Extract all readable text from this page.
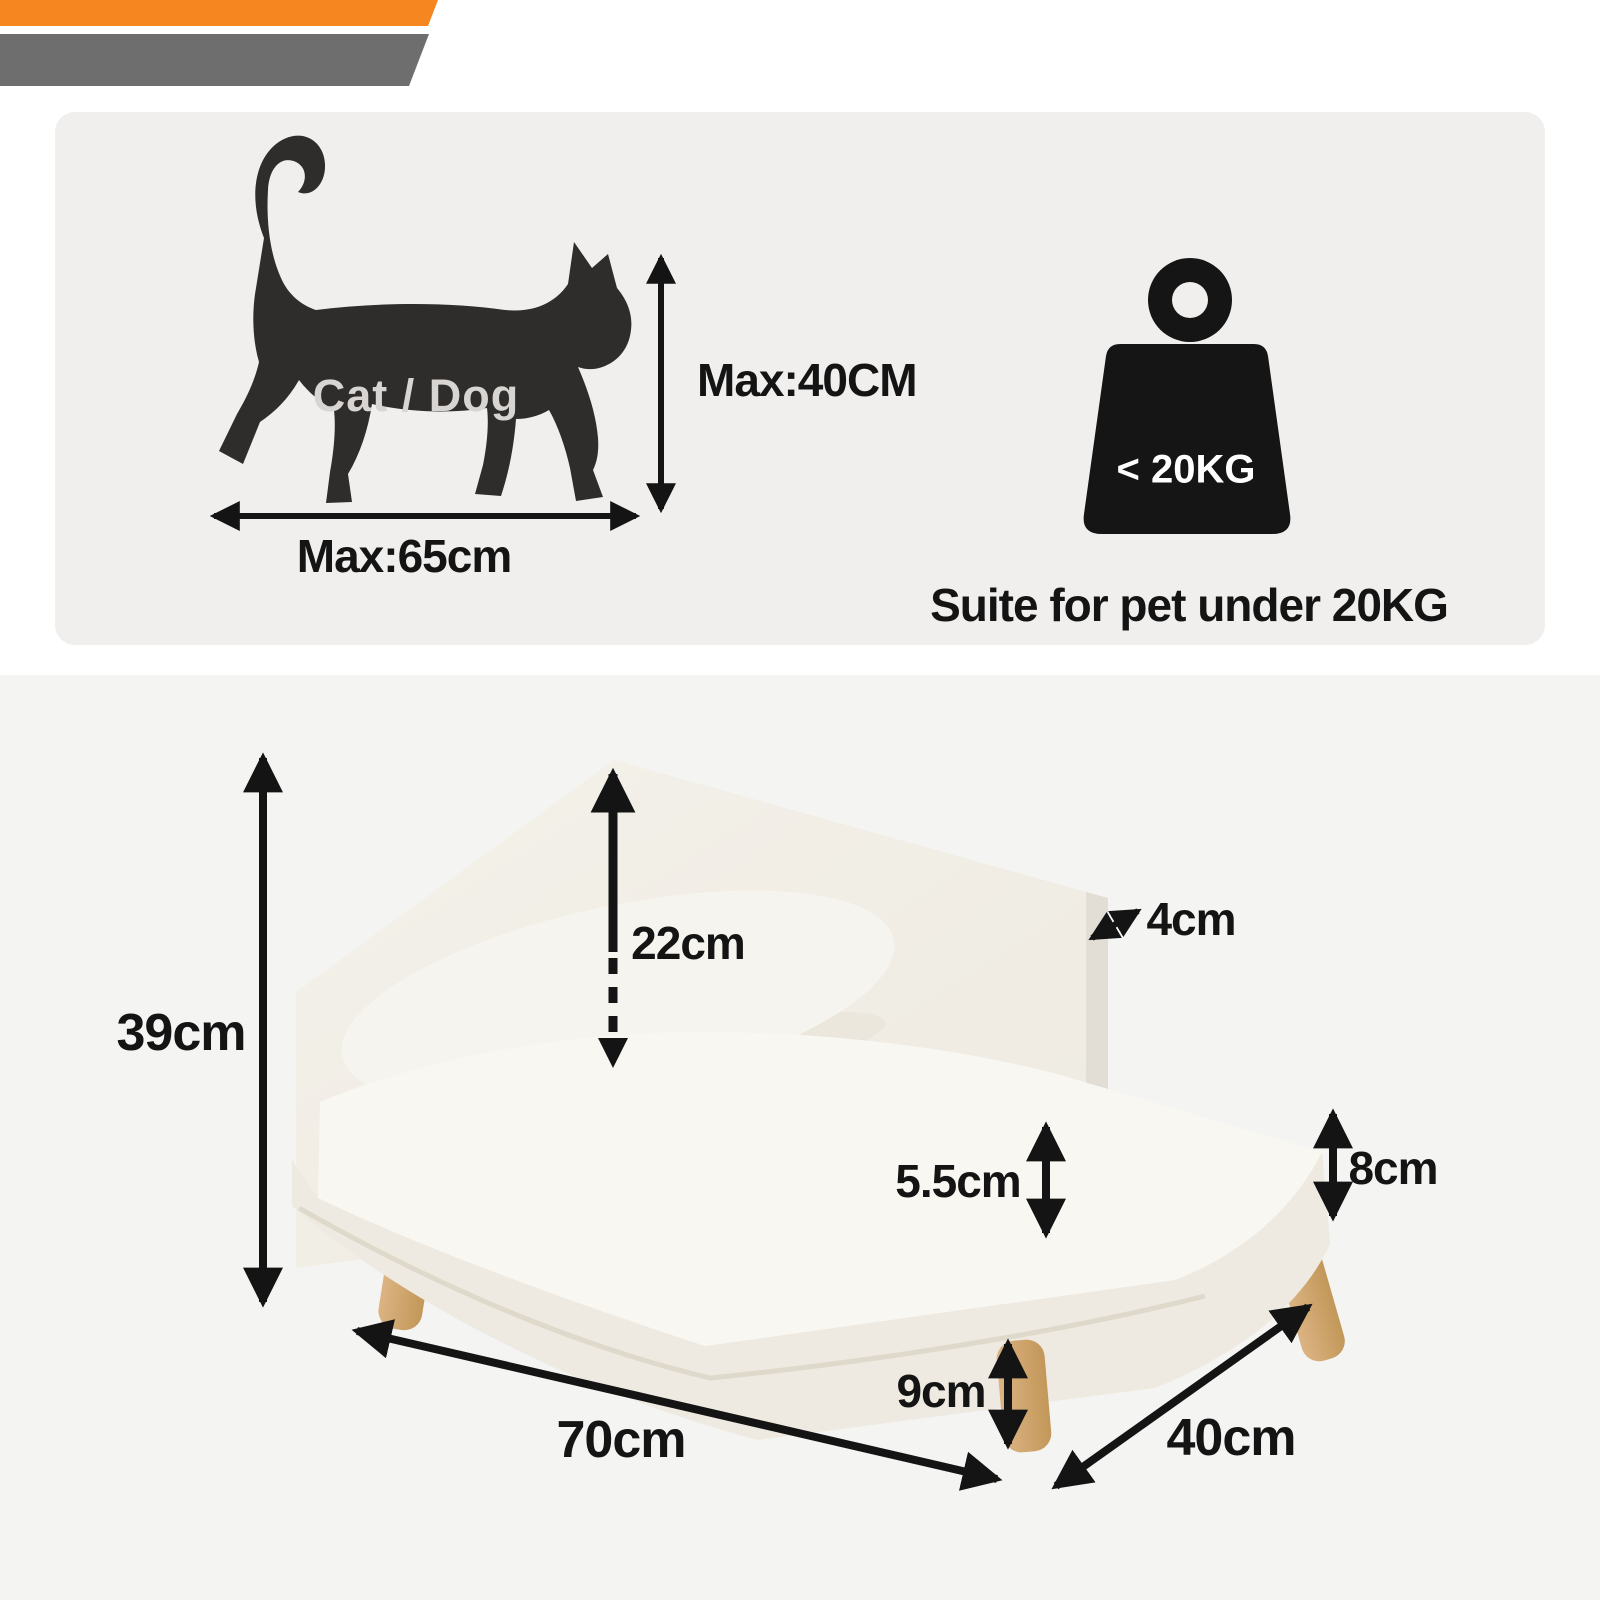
Cat / Dog	Max:40CM
Max:65cm
< 20KG
Suite for pet under 20KG
39cm
22cm	4cm
8cm
5.5cm
9cm
70cm	40cm
